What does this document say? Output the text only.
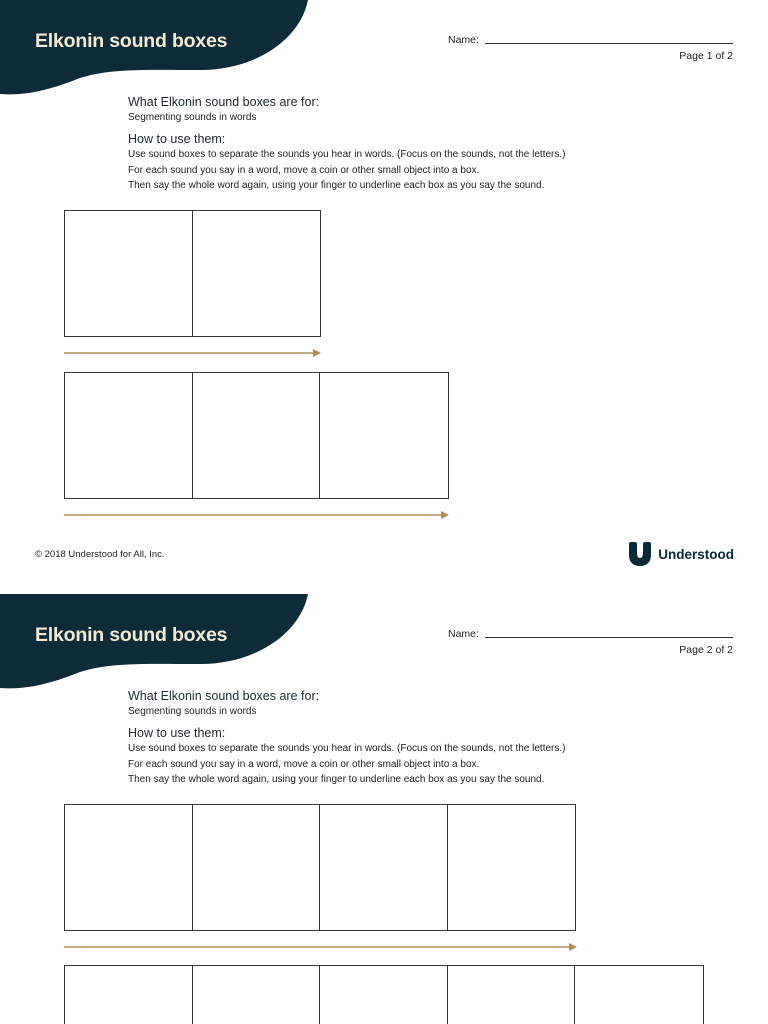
Elkonin sound boxes	Name:
Page 1 of 2

What Elkonin sound boxes are for:

Segmenting sounds in words

How to use them:

Use sound boxes to separate the sounds you hear in words. (Focus on the sounds, not the letters.)

For each sound you say in a word, move a coin or other small object into a box.

Then say the whole word again, using your finger to underline each box as you say the sound.

© 2018 Understood for All, Inc.	Understood
Elkonin sound boxes	Name:
Page 2 of 2

What Elkonin sound boxes are for:

Segmenting sounds in words

How to use them:

Use sound boxes to separate the sounds you hear in words. (Focus on the sounds, not the letters.)

For each sound you say in a word, move a coin or other small object into a box.

Then say the whole word again, using your finger to underline each box as you say the sound.
